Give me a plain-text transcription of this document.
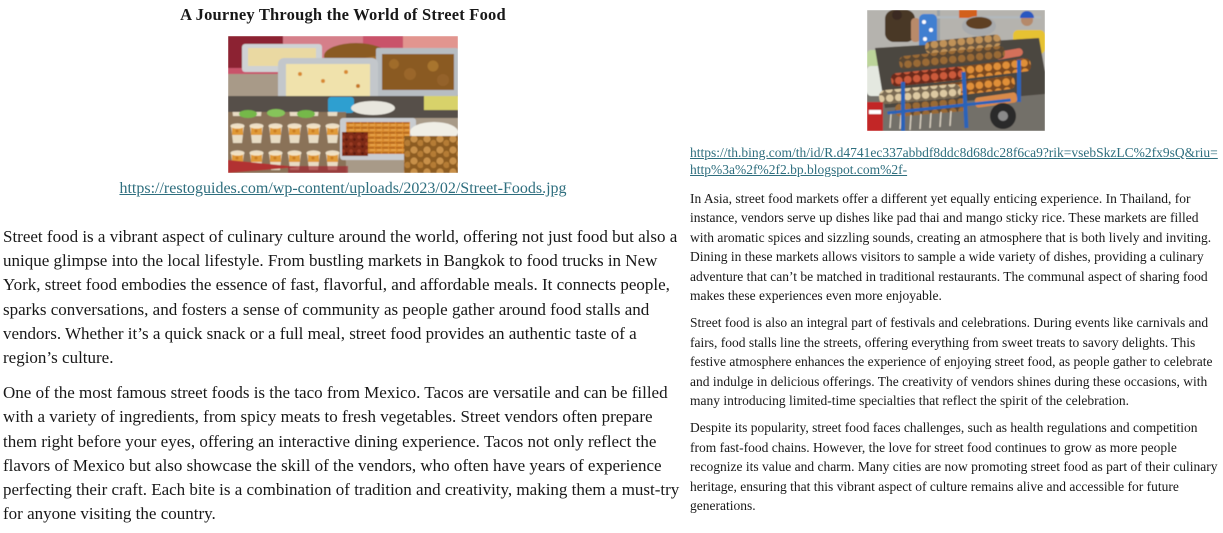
A Journey Through the World of Street Food
https://restoguides.com/wp-content/uploads/2023/02/Street-Foods.jpg

Street food is a vibrant aspect of culinary culture around the world, offering not just food but also a unique glimpse into the local lifestyle. From bustling markets in Bangkok to food trucks in New York, street food embodies the essence of fast, flavorful, and affordable meals. It connects people, sparks conversations, and fosters a sense of community as people gather around food stalls and vendors. Whether it’s a quick snack or a full meal, street food provides an authentic taste of a region’s culture.

One of the most famous street foods is the taco from Mexico. Tacos are versatile and can be filled with a variety of ingredients, from spicy meats to fresh vegetables. Street vendors often prepare them right before your eyes, offering an interactive dining experience. Tacos not only reflect the flavors of Mexico but also showcase the skill of the vendors, who often have years of experience perfecting their craft. Each bite is a combination of tradition and creativity, making them a must-try for anyone visiting the country.

https://th.bing.com/th/id/R.d4741ec337abbdf8ddc8d68dc28f6ca9?rik=vsebSkzLC%2fx9sQ&riu=http%3a%2f%2f2.bp.blogspot.com%2f-

In Asia, street food markets offer a different yet equally enticing experience. In Thailand, for instance, vendors serve up dishes like pad thai and mango sticky rice. These markets are filled with aromatic spices and sizzling sounds, creating an atmosphere that is both lively and inviting. Dining in these markets allows visitors to sample a wide variety of dishes, providing a culinary adventure that can’t be matched in traditional restaurants. The communal aspect of sharing food makes these experiences even more enjoyable.

Street food is also an integral part of festivals and celebrations. During events like carnivals and fairs, food stalls line the streets, offering everything from sweet treats to savory delights. This festive atmosphere enhances the experience of enjoying street food, as people gather to celebrate and indulge in delicious offerings. The creativity of vendors shines during these occasions, with many introducing limited-time specialties that reflect the spirit of the celebration.

Despite its popularity, street food faces challenges, such as health regulations and competition from fast-food chains. However, the love for street food continues to grow as more people recognize its value and charm. Many cities are now promoting street food as part of their culinary heritage, ensuring that this vibrant aspect of culture remains alive and accessible for future generations.
